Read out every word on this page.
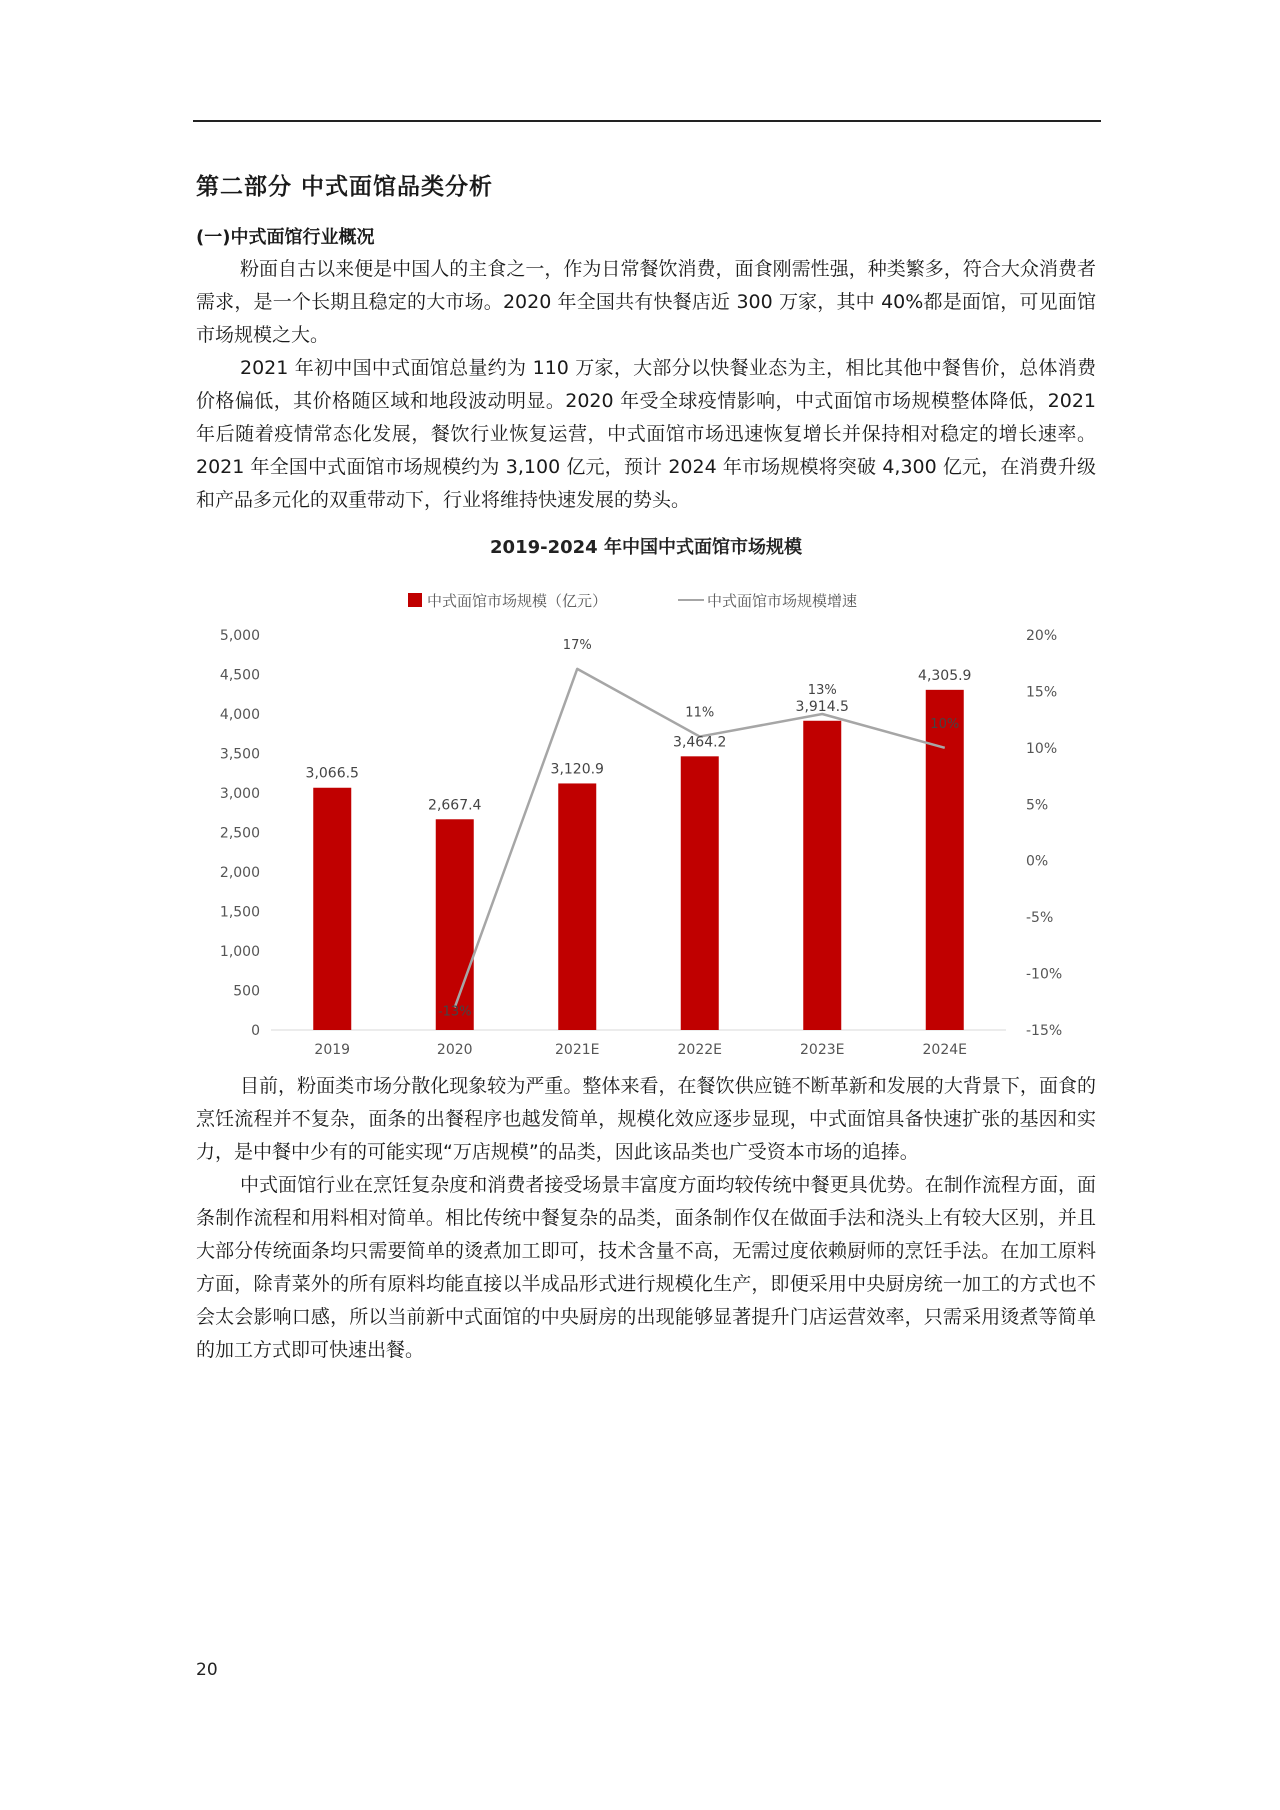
第二部分 中式面馆品类分析
(一)中式面馆行业概况

粉面自古以来便是中国人的主食之一，作为日常餐饮消费，面食刚需性强，种类繁多，符合大众消费者需求，是一个长期且稳定的大市场。2020 年全国共有快餐店近 300 万家，其中 40%都是面馆，可见面馆市场规模之大。

2021 年初中国中式面馆总量约为 110 万家，大部分以快餐业态为主，相比其他中餐售价，总体消费价格偏低，其价格随区域和地段波动明显。2020 年受全球疫情影响，中式面馆市场规模整体降低，2021 年后随着疫情常态化发展，餐饮行业恢复运营，中式面馆市场迅速恢复增长并保持相对稳定的增长速率。2021 年全国中式面馆市场规模约为 3,100 亿元，预计 2024 年市场规模将突破 4,300 亿元，在消费升级和产品多元化的双重带动下，行业将维持快速发展的势头。

2019-2024 年中国中式面馆市场规模
中式面馆市场规模（亿元）	中式面馆市场规模增速
0
500
1,000
1,500
2,000
2,500
3,000
3,500
4,000
4,500
5,000
-15%
-10%
-5%
0%
5%
10%
15%
20%
3,066.5
2,667.4
3,120.9
3,464.2
3,914.5
4,305.9
-13%
17%
11%
13%
10%
2019	2020	2021E	2022E	2023E	2024E

目前，粉面类市场分散化现象较为严重。整体来看，在餐饮供应链不断革新和发展的大背景下，面食的烹饪流程并不复杂，面条的出餐程序也越发简单，规模化效应逐步显现，中式面馆具备快速扩张的基因和实力，是中餐中少有的可能实现“万店规模”的品类，因此该品类也广受资本市场的追捧。

中式面馆行业在烹饪复杂度和消费者接受场景丰富度方面均较传统中餐更具优势。在制作流程方面，面条制作流程和用料相对简单。相比传统中餐复杂的品类，面条制作仅在做面手法和浇头上有较大区别，并且大部分传统面条均只需要简单的烫煮加工即可，技术含量不高，无需过度依赖厨师的烹饪手法。在加工原料方面，除青菜外的所有原料均能直接以半成品形式进行规模化生产，即便采用中央厨房统一加工的方式也不会太会影响口感，所以当前新中式面馆的中央厨房的出现能够显著提升门店运营效率，只需采用烫煮等简单的加工方式即可快速出餐。

20
